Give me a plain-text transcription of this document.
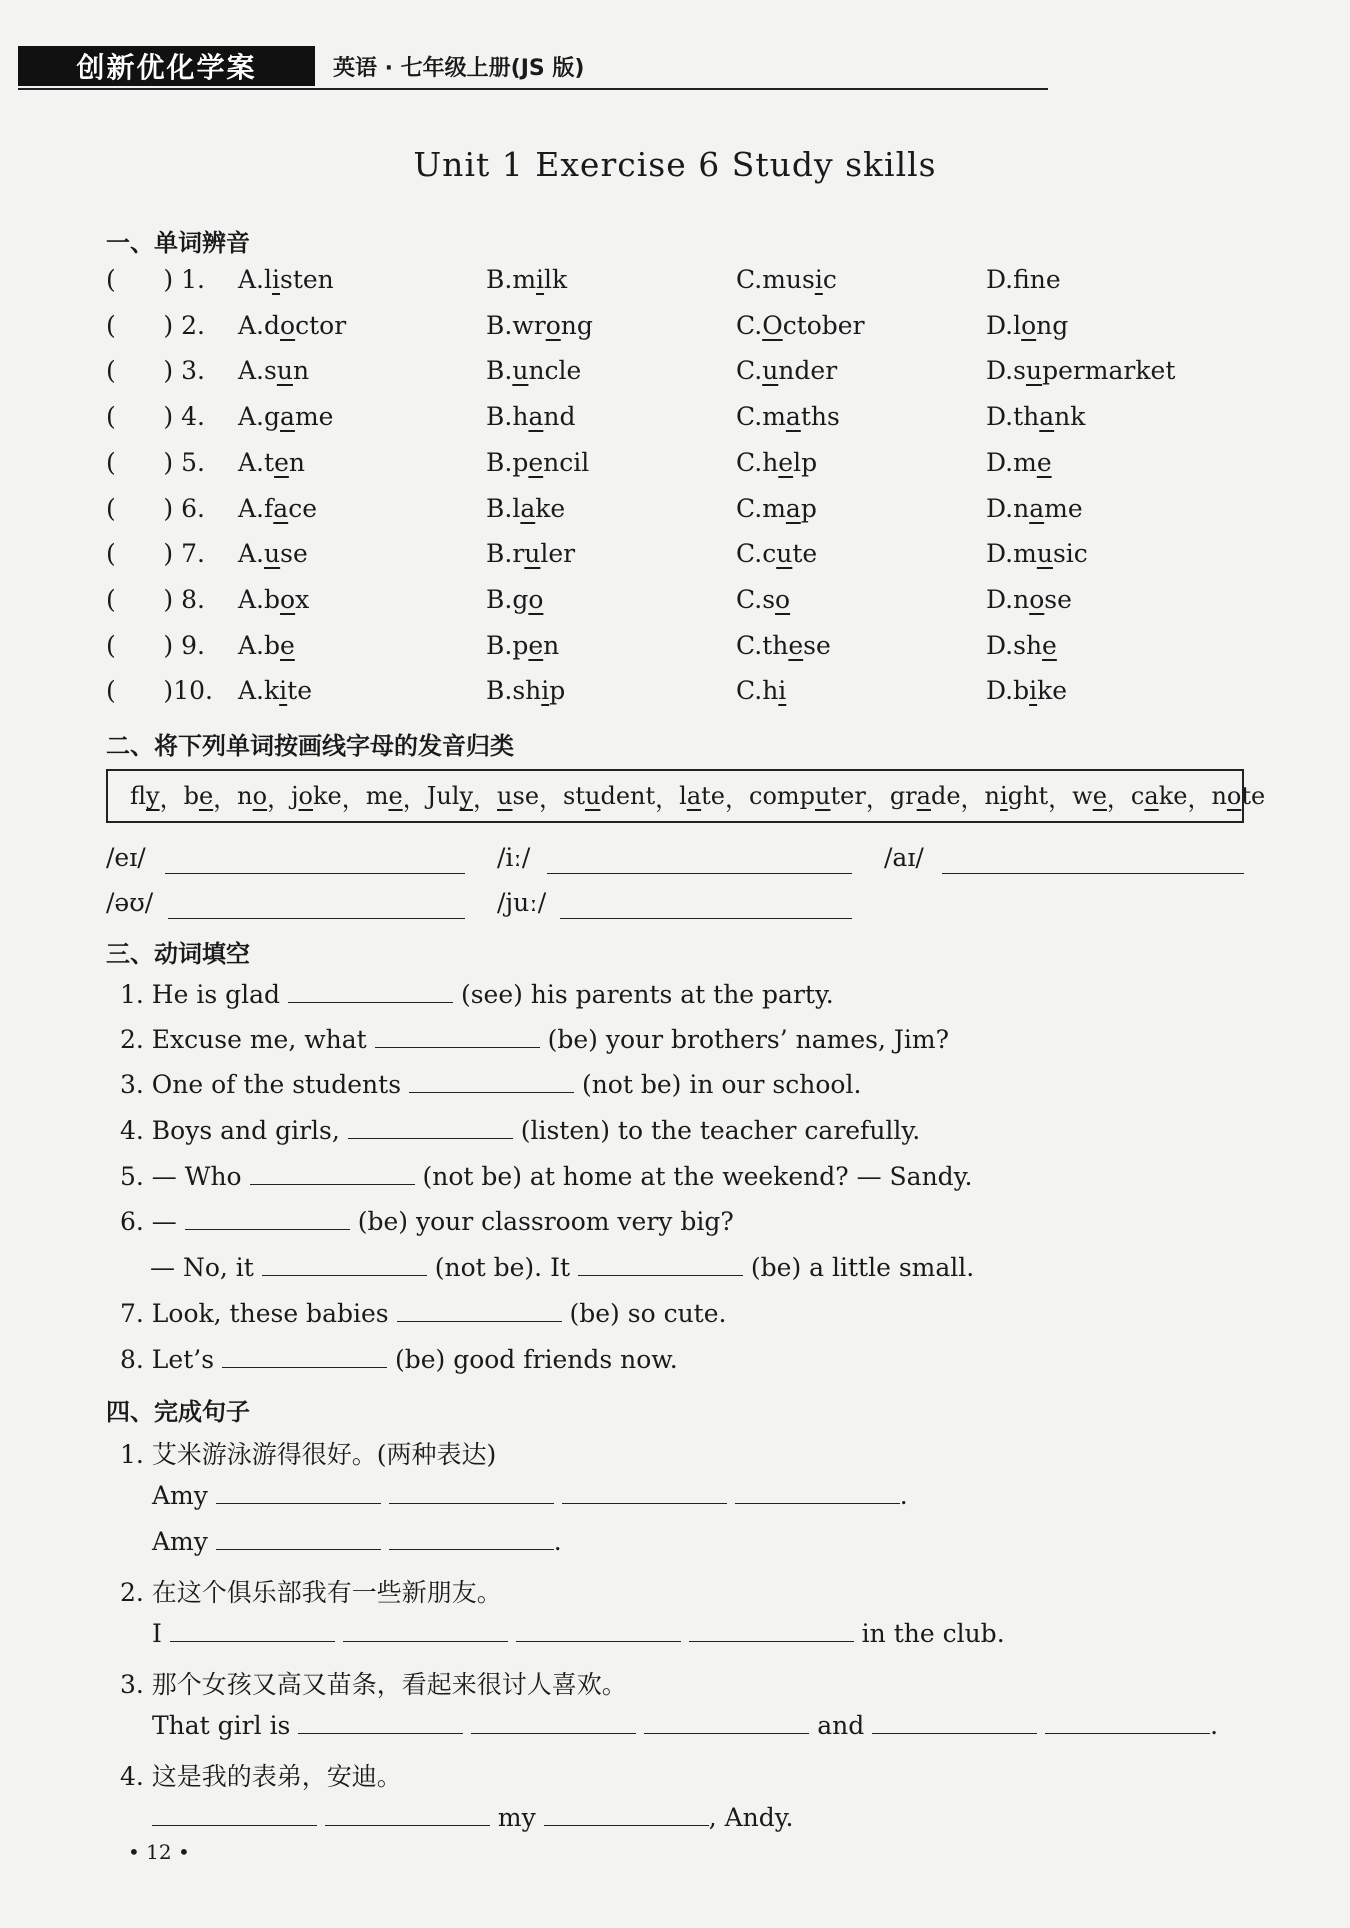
创新优化学案	英语 · 七年级上册(JS 版)
Unit 1 Exercise 6 Study skills
一、单词辨音
(      ) 1. A. listen	B. milk	C. music	D. fne
(      ) 2. A. doctor	B. wrong	C. October	D. long
(      ) 3. A. sun	B. uncle	C. under	D. supermarket
(      ) 4. A. game	B. hand	C. maths	D. thank
(      ) 5. A. ten	B. pencil	C. help	D. me
(      ) 6. A. face	B. lake	C. map	D. name
(      ) 7. A. use	B. ruler	C. cute	D. music
(      ) 8. A. box	B. go	C. so	D. nose
(      ) 9. A. be	B. pen	C. these	D. she
(      )10. A. kite	B. ship	C. hi	D. bike
二、将下列单词按画线字母的发音归类
fly ， be ， no ， joke ， me ， July ， use ， student ， late ， computer ， grade ， night ， we ， cake ， note
/eɪ/	/iː/	/aɪ/
/əʊ/	/juː/
三、动词填空
1. He is glad	(see) his parents at the party.
2. Excuse me, what	(be) your brothers’ names, Jim?
3. One of the students	(not be) in our school.
4. Boys and girls,	(listen) to the teacher carefully.
5. — Who	(not be) at home at the weekend? — Sandy.
6. —	(be) your classroom very big?
— No, it	(not be). It	(be) a little small.
7. Look, these babies	(be) so cute.
8. Let’s	(be) good friends now.
四、完成句子
1. 艾米游泳游得很好。(两种表达)
Amy	.
Amy	.
2. 在这个俱乐部我有一些新朋友。
I	in the club.
3. 那个女孩又高又苗条，看起来很讨人喜欢。
That girl is	and	.
4. 这是我的表弟，安迪。
my	, Andy.
• 12 •
